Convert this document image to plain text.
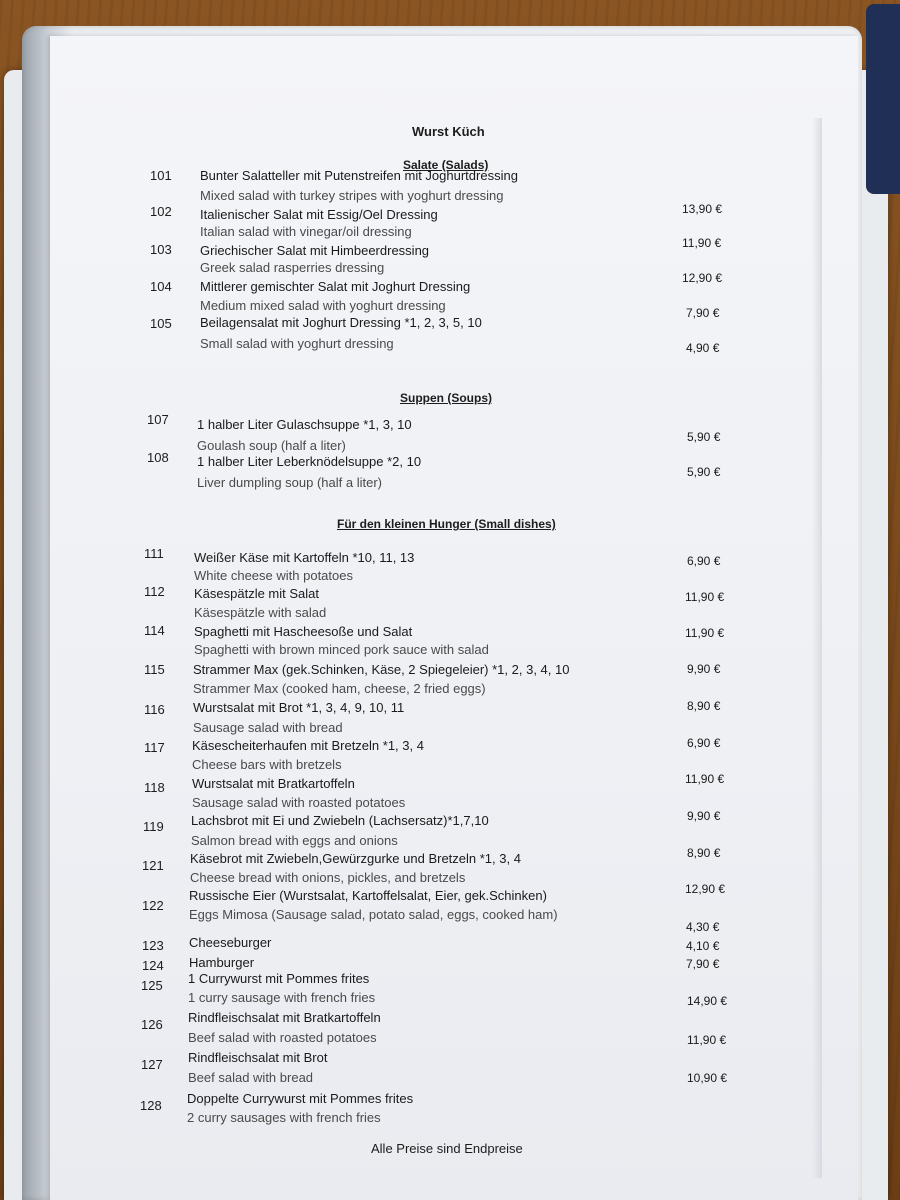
Wurst Küch
Salate (Salads)
101 Bunter Salatteller mit Putenstreifen mit Joghurtdressing
Mixed salad with turkey stripes with yoghurt dressing
13,90 €
102 Italienischer Salat mit Essig/Oel Dressing
Italian salad with vinegar/oil dressing
11,90 €
103 Griechischer Salat mit Himbeerdressing
Greek salad rasperries dressing
12,90 €
104 Mittlerer gemischter Salat mit Joghurt Dressing
Medium mixed salad with yoghurt dressing	7,90 €
105 Beilagensalat mit Joghurt Dressing *1, 2, 3, 5, 10
Small salad with yoghurt dressing	4,90 €
Suppen (Soups)
107 1 halber Liter Gulaschsuppe *1, 3, 10
Goulash soup (half a liter)
5,90 €
108 1 halber Liter Leberknödelsuppe *2, 10
Liver dumpling soup (half a liter)
5,90 €
Für den kleinen Hunger (Small dishes)
111 Weißer Käse mit Kartoffeln *10, 11, 13
White cheese with potatoes
6,90 €
112 Käsespätzle mit Salat
Käsespätzle with salad
11,90 €
114 Spaghetti mit Hascheesoße und Salat
Spaghetti with brown minced pork sauce with salad
11,90 €
115 Strammer Max (gek.Schinken, Käse, 2 Spiegeleier) *1, 2, 3, 4, 10
Strammer Max (cooked ham, cheese, 2 fried eggs)
9,90 €
116 Wurstsalat mit Brot *1, 3, 4, 9, 10, 11
Sausage salad with bread
8,90 €
117 Käsescheiterhaufen mit Bretzeln *1, 3, 4
Cheese bars with bretzels
6,90 €
118 Wurstsalat mit Bratkartoffeln
Sausage salad with roasted potatoes
11,90 €
119 Lachsbrot mit Ei und Zwiebeln (Lachsersatz)*1,7,10
Salmon bread with eggs and onions
9,90 €
121 Käsebrot mit Zwiebeln,Gewürzgurke und Bretzeln *1, 3, 4
Cheese bread with onions, pickles, and bretzels
8,90 €
122
Russische Eier (Wurstsalat, Kartoffelsalat, Eier, gek.Schinken)
Eggs Mimosa (Sausage salad, potato salad, eggs, cooked ham)
12,90 €
123 Cheeseburger
4,30 €
124 Hamburger
4,10 €
125 1 Currywurst mit Pommes frites
1 curry sausage with french fries
7,90 €
126 Rindfleischsalat mit Bratkartoffeln
Beef salad with roasted potatoes
14,90 €
127 Rindfleischsalat mit Brot
Beef salad with bread
11,90 €
128 Doppelte Currywurst mit Pommes frites
2 curry sausages with french fries
10,90 €
Alle Preise sind Endpreise
